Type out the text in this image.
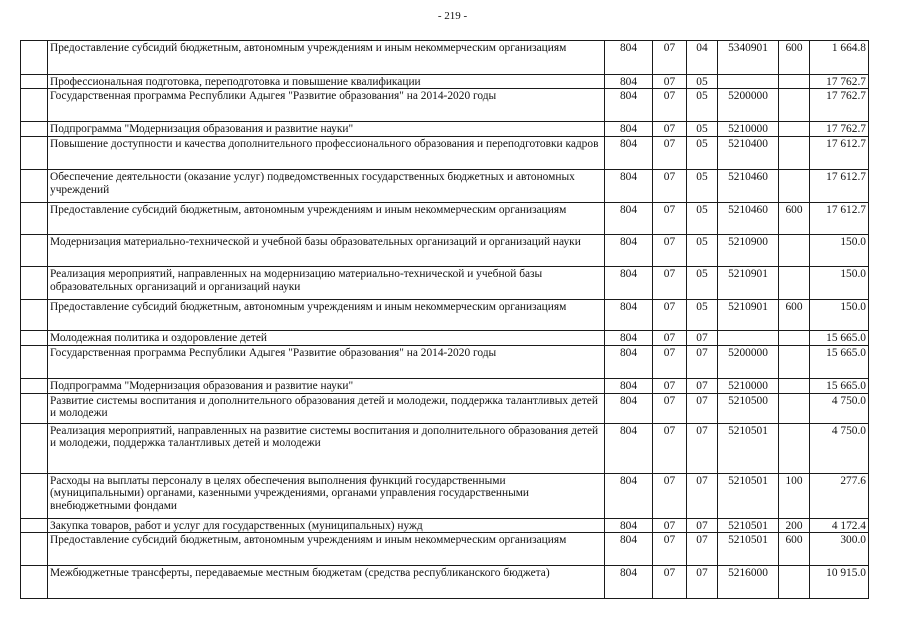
- 219 -
	Предоставление субсидий бюджетным, автономным учреждениям и иным некоммерческим организациям	804	07	04	5340901	600	1 664.8
	Профессиональная подготовка, переподготовка и повышение квалификации	804	07	05			17 762.7
	Государственная программа Республики Адыгея "Развитие образования" на 2014-2020 годы	804	07	05	5200000		17 762.7
	Подпрограмма "Модернизация образования и развитие науки"	804	07	05	5210000		17 762.7
	Повышение доступности и качества дополнительного профессионального образования и переподготовки кадров	804	07	05	5210400		17 612.7
	Обеспечение деятельности (оказание услуг) подведомственных государственных бюджетных и автономных учреждений	804	07	05	5210460		17 612.7
	Предоставление субсидий бюджетным, автономным учреждениям и иным некоммерческим организациям	804	07	05	5210460	600	17 612.7
	Модернизация материально-технической и учебной базы образовательных организаций и организаций науки	804	07	05	5210900		150.0
	Реализация мероприятий, направленных на модернизацию материально-технической и учебной базы образовательных организаций и организаций науки	804	07	05	5210901		150.0
	Предоставление субсидий бюджетным, автономным учреждениям и иным некоммерческим организациям	804	07	05	5210901	600	150.0
	Молодежная политика и оздоровление детей	804	07	07			15 665.0
	Государственная программа Республики Адыгея "Развитие образования" на 2014-2020 годы	804	07	07	5200000		15 665.0
	Подпрограмма "Модернизация образования и развитие науки"	804	07	07	5210000		15 665.0
	Развитие системы воспитания и дополнительного образования детей и молодежи, поддержка талантливых детей и молодежи	804	07	07	5210500		4 750.0
	Реализация мероприятий, направленных на развитие системы воспитания и дополнительного образования детей и молодежи, поддержка талантливых детей и молодежи	804	07	07	5210501		4 750.0
	Расходы на выплаты персоналу в целях обеспечения выполнения функций государственными (муниципальными) органами, казенными учреждениями, органами управления государственными внебюджетными фондами	804	07	07	5210501	100	277.6
	Закупка товаров, работ и услуг для государственных (муниципальных) нужд	804	07	07	5210501	200	4 172.4
	Предоставление субсидий бюджетным, автономным учреждениям и иным некоммерческим организациям	804	07	07	5210501	600	300.0
	Межбюджетные трансферты, передаваемые местным бюджетам (средства республиканского бюджета)	804	07	07	5216000		10 915.0
